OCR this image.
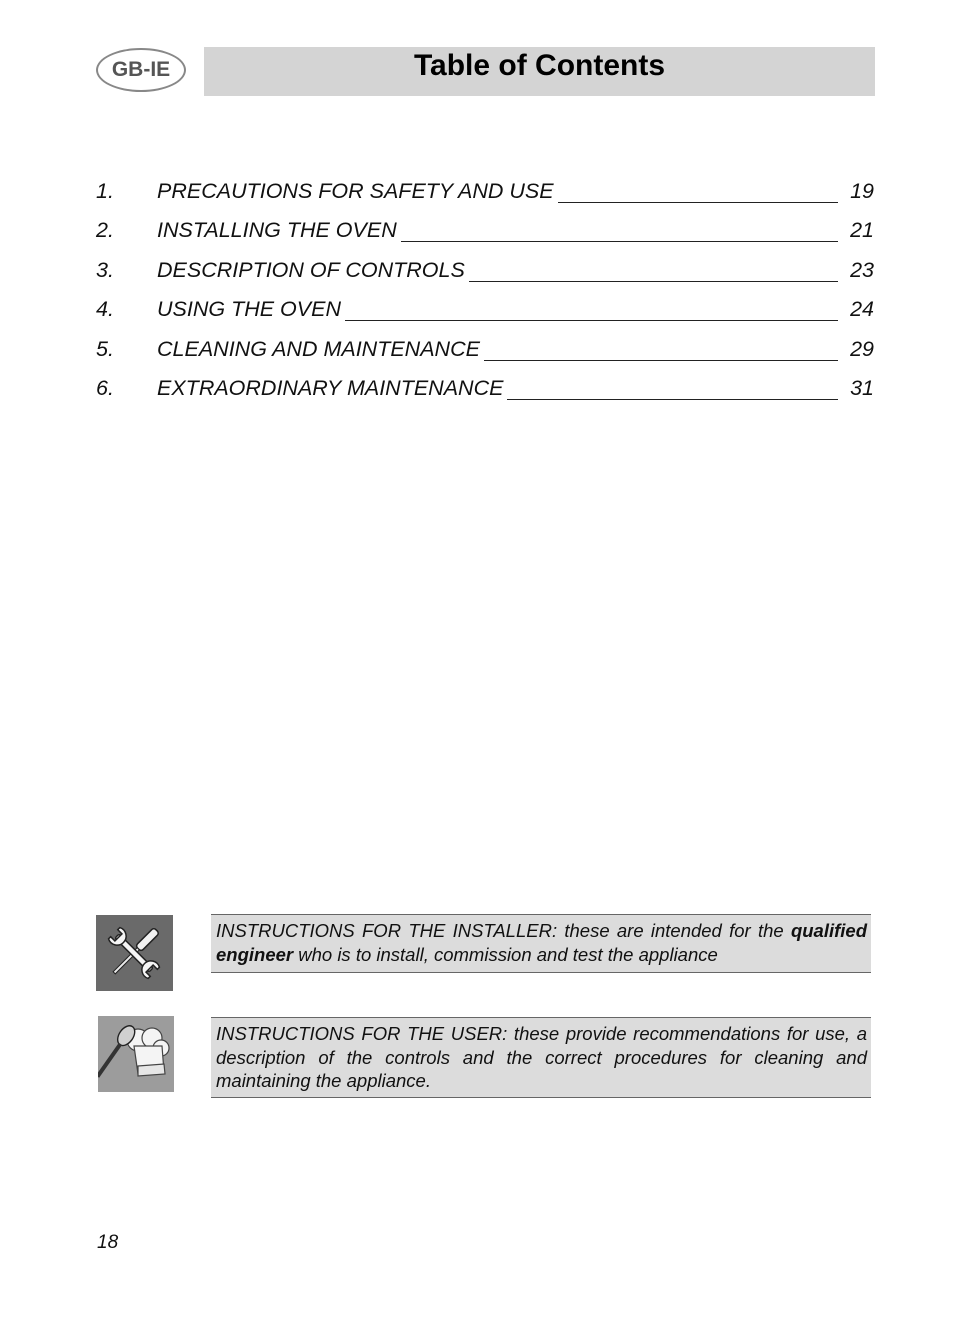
GB-IE	Table of Contents
1. PRECAUTIONS FOR SAFETY AND USE	19
2. INSTALLING THE OVEN	21
3. DESCRIPTION OF CONTROLS	23
4. USING THE OVEN	24
5. CLEANING AND MAINTENANCE	29
6. EXTRAORDINARY MAINTENANCE	31
INSTRUCTIONS FOR THE INSTALLER: these are intended for the qualified engineer who is to install, commission and test the appliance
INSTRUCTIONS FOR THE USER: these provide recommendations for use, a description of the controls and the correct procedures for cleaning and maintaining the appliance.
18
